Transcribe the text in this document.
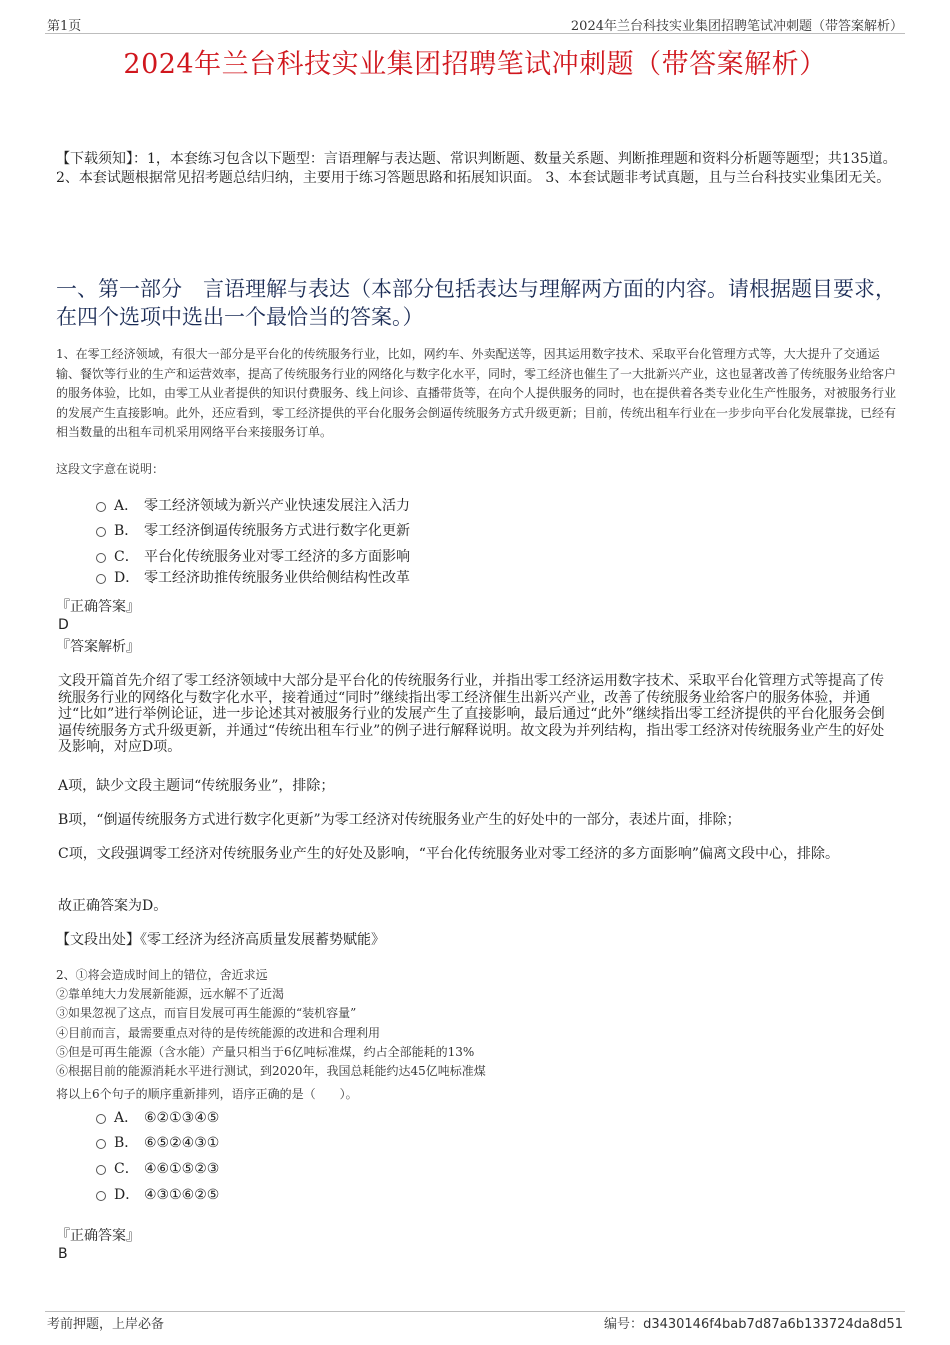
第1页	2024年兰台科技实业集团招聘笔试冲刺题（带答案解析）
2024年兰台科技实业集团招聘笔试冲刺题（带答案解析）
【下载须知】：1，本套练习包含以下题型：言语理解与表达题、常识判断题、数量关系题、判断推理题和资料分析题等题型；共135道。 2、本套试题根据常见招考题总结归纳，主要用于练习答题思路和拓展知识面。 3、本套试题非考试真题，且与兰台科技实业集团无关。
一、第一部分　言语理解与表达（本部分包括表达与理解两方面的内容。请根据题目要求，在四个选项中选出一个最恰当的答案。）
1、在零工经济领域，有很大一部分是平台化的传统服务行业，比如，网约车、外卖配送等，因其运用数字技术、采取平台化管理方式等，大大提升了交通运输、餐饮等行业的生产和运营效率，提高了传统服务行业的网络化与数字化水平，同时，零工经济也催生了一大批新兴产业，这也显著改善了传统服务业给客户的服务体验，比如，由零工从业者提供的知识付费服务、线上问诊、直播带货等，在向个人提供服务的同时，也在提供着各类专业化生产性服务，对被服务行业的发展产生直接影响。此外，还应看到，零工经济提供的平台化服务会倒逼传统服务方式升级更新；目前，传统出租车行业在一步步向平台化发展靠拢，已经有相当数量的出租车司机采用网络平台来接服务订单。
这段文字意在说明：
A． 零工经济领域为新兴产业快速发展注入活力
B． 零工经济倒逼传统服务方式进行数字化更新
C． 平台化传统服务业对零工经济的多方面影响
D． 零工经济助推传统服务业供给侧结构性改革
『正确答案』
D
『答案解析』
文段开篇首先介绍了零工经济领域中大部分是平台化的传统服务行业，并指出零工经济运用数字技术、采取平台化管理方式等提高了传统服务行业的网络化与数字化水平，接着通过“同时”继续指出零工经济催生出新兴产业，改善了传统服务业给客户的服务体验，并通过“比如”进行举例论证，进一步论述其对被服务行业的发展产生了直接影响，最后通过“此外”继续指出零工经济提供的平台化服务会倒逼传统服务方式升级更新，并通过“传统出租车行业”的例子进行解释说明。故文段为并列结构，指出零工经济对传统服务业产生的好处及影响，对应D项。
A项，缺少文段主题词“传统服务业”，排除；
B项，“倒逼传统服务方式进行数字化更新”为零工经济对传统服务业产生的好处中的一部分，表述片面，排除；
C项，文段强调零工经济对传统服务业产生的好处及影响，“平台化传统服务业对零工经济的多方面影响”偏离文段中心，排除。
故正确答案为D。
【文段出处】《零工经济为经济高质量发展蓄势赋能》
2、①将会造成时间上的错位，舍近求远
②靠单纯大力发展新能源，远水解不了近渴
③如果忽视了这点，而盲目发展可再生能源的“装机容量”
④目前而言，最需要重点对待的是传统能源的改进和合理利用
⑤但是可再生能源（含水能）产量只相当于6亿吨标准煤，约占全部能耗的13%
⑥根据目前的能源消耗水平进行测试，到2020年，我国总耗能约达45亿吨标准煤
将以上6个句子的顺序重新排列，语序正确的是（　　）。
A． ⑥②①③④⑤
B． ⑥⑤②④③①
C． ④⑥①⑤②③
D． ④③①⑥②⑤
『正确答案』
B
考前押题，上岸必备	编号：d3430146f4bab7d87a6b133724da8d51
